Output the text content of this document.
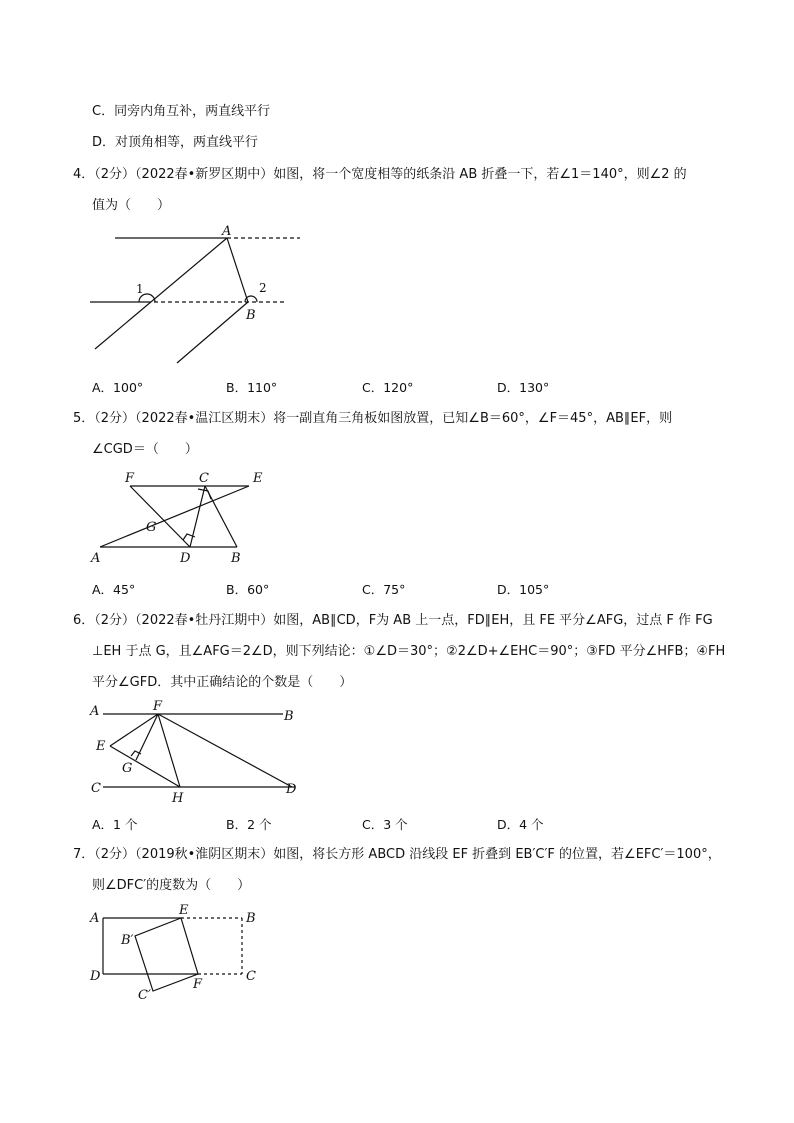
C．同旁内角互补，两直线平行
D．对顶角相等，两直线平行
4．（2分）（2022春•新罗区期中）如图，将一个宽度相等的纸条沿 AB 折叠一下，若∠1＝140°，则∠2 的
值为（　　）
A
B
1	2
A．100°	B．110°	C．120°	D．130°
5．（2分）（2022春•温江区期末）将一副直角三角板如图放置，已知∠B＝60°，∠F＝45°，AB∥EF，则
∠CGD＝（　　）
F	C	E
G
A	D	B
A．45°	B．60°	C．75°	D．105°
6．（2分）（2022春•牡丹江期中）如图，AB∥CD，F为 AB 上一点，FD∥EH，且 FE 平分∠AFG，过点 F 作 FG
⊥EH 于点 G，且∠AFG＝2∠D，则下列结论：①∠D＝30°；②2∠D+∠EHC＝90°；③FD 平分∠HFB；④FH
平分∠GFD．其中正确结论的个数是（　　）
A	F
B
E
G
C
H
D
A．1 个	B．2 个	C．3 个	D．4 个
7．（2分）（2019秋•淮阴区期末）如图，将长方形 ABCD 沿线段 EF 折叠到 EB′C′F 的位置，若∠EFC′＝100°，
则∠DFC′的度数为（　　）
A
E
B
B′
D	C
C′
F
